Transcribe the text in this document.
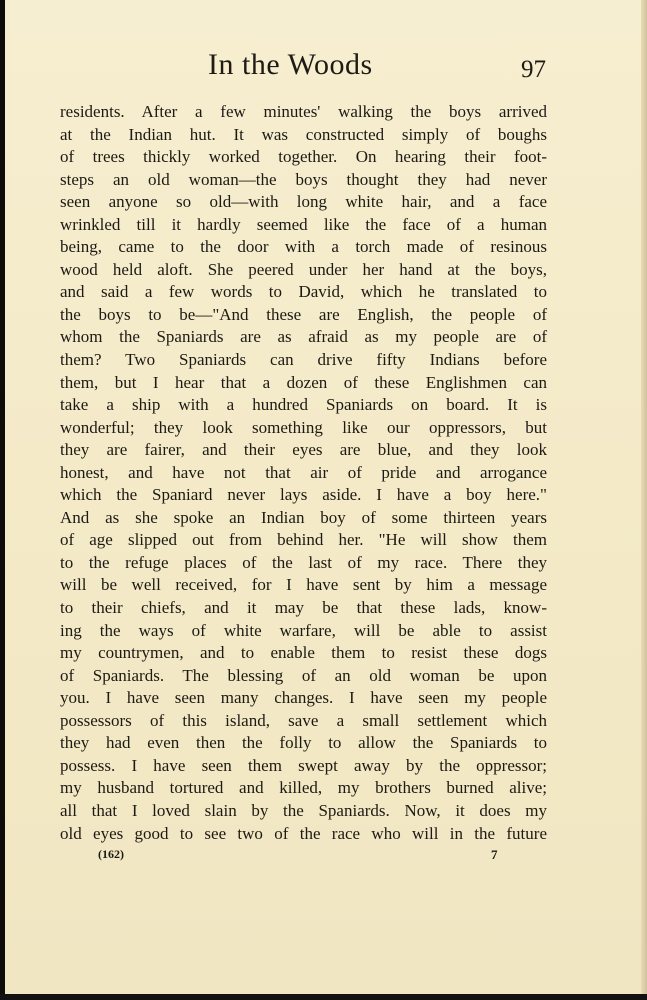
In the Woods	97
residents. After a few minutes' walking the boys arrived
at the Indian hut. It was constructed simply of boughs
of trees thickly worked together. On hearing their foot-
steps an old woman—the boys thought they had never
seen anyone so old—with long white hair, and a face
wrinkled till it hardly seemed like the face of a human
being, came to the door with a torch made of resinous
wood held aloft. She peered under her hand at the boys,
and said a few words to David, which he translated to
the boys to be—"And these are English, the people of
whom the Spaniards are as afraid as my people are of
them? Two Spaniards can drive fifty Indians before
them, but I hear that a dozen of these Englishmen can
take a ship with a hundred Spaniards on board. It is
wonderful; they look something like our oppressors, but
they are fairer, and their eyes are blue, and they look
honest, and have not that air of pride and arrogance
which the Spaniard never lays aside. I have a boy here."
And as she spoke an Indian boy of some thirteen years
of age slipped out from behind her. "He will show them
to the refuge places of the last of my race. There they
will be well received, for I have sent by him a message
to their chiefs, and it may be that these lads, know-
ing the ways of white warfare, will be able to assist
my countrymen, and to enable them to resist these dogs
of Spaniards. The blessing of an old woman be upon
you. I have seen many changes. I have seen my people
possessors of this island, save a small settlement which
they had even then the folly to allow the Spaniards to
possess. I have seen them swept away by the oppressor;
my husband tortured and killed, my brothers burned alive;
all that I loved slain by the Spaniards. Now, it does my
old eyes good to see two of the race who will in the future
(162)	7
